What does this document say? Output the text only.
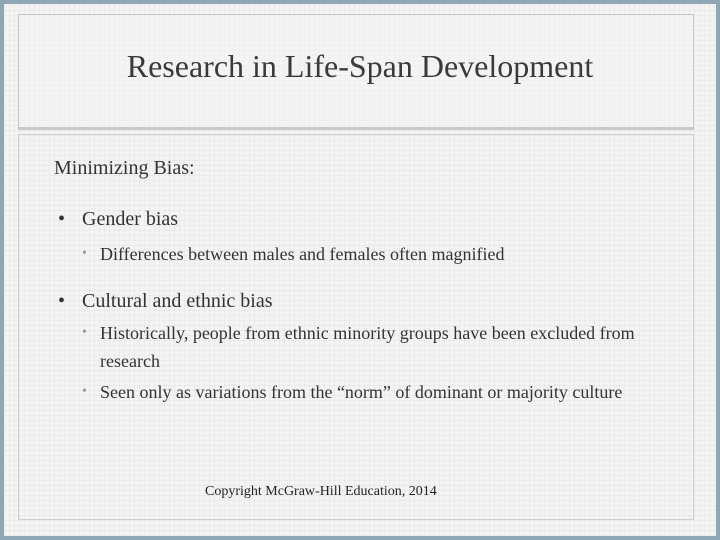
Research in Life-Span Development
Minimizing Bias:
• Gender bias
• Differences between males and females often magnified
• Cultural and ethnic bias
• Historically, people from ethnic minority groups have been excluded from research
• Seen only as variations from the “norm” of dominant or majority culture
Copyright McGraw-Hill Education, 2014
